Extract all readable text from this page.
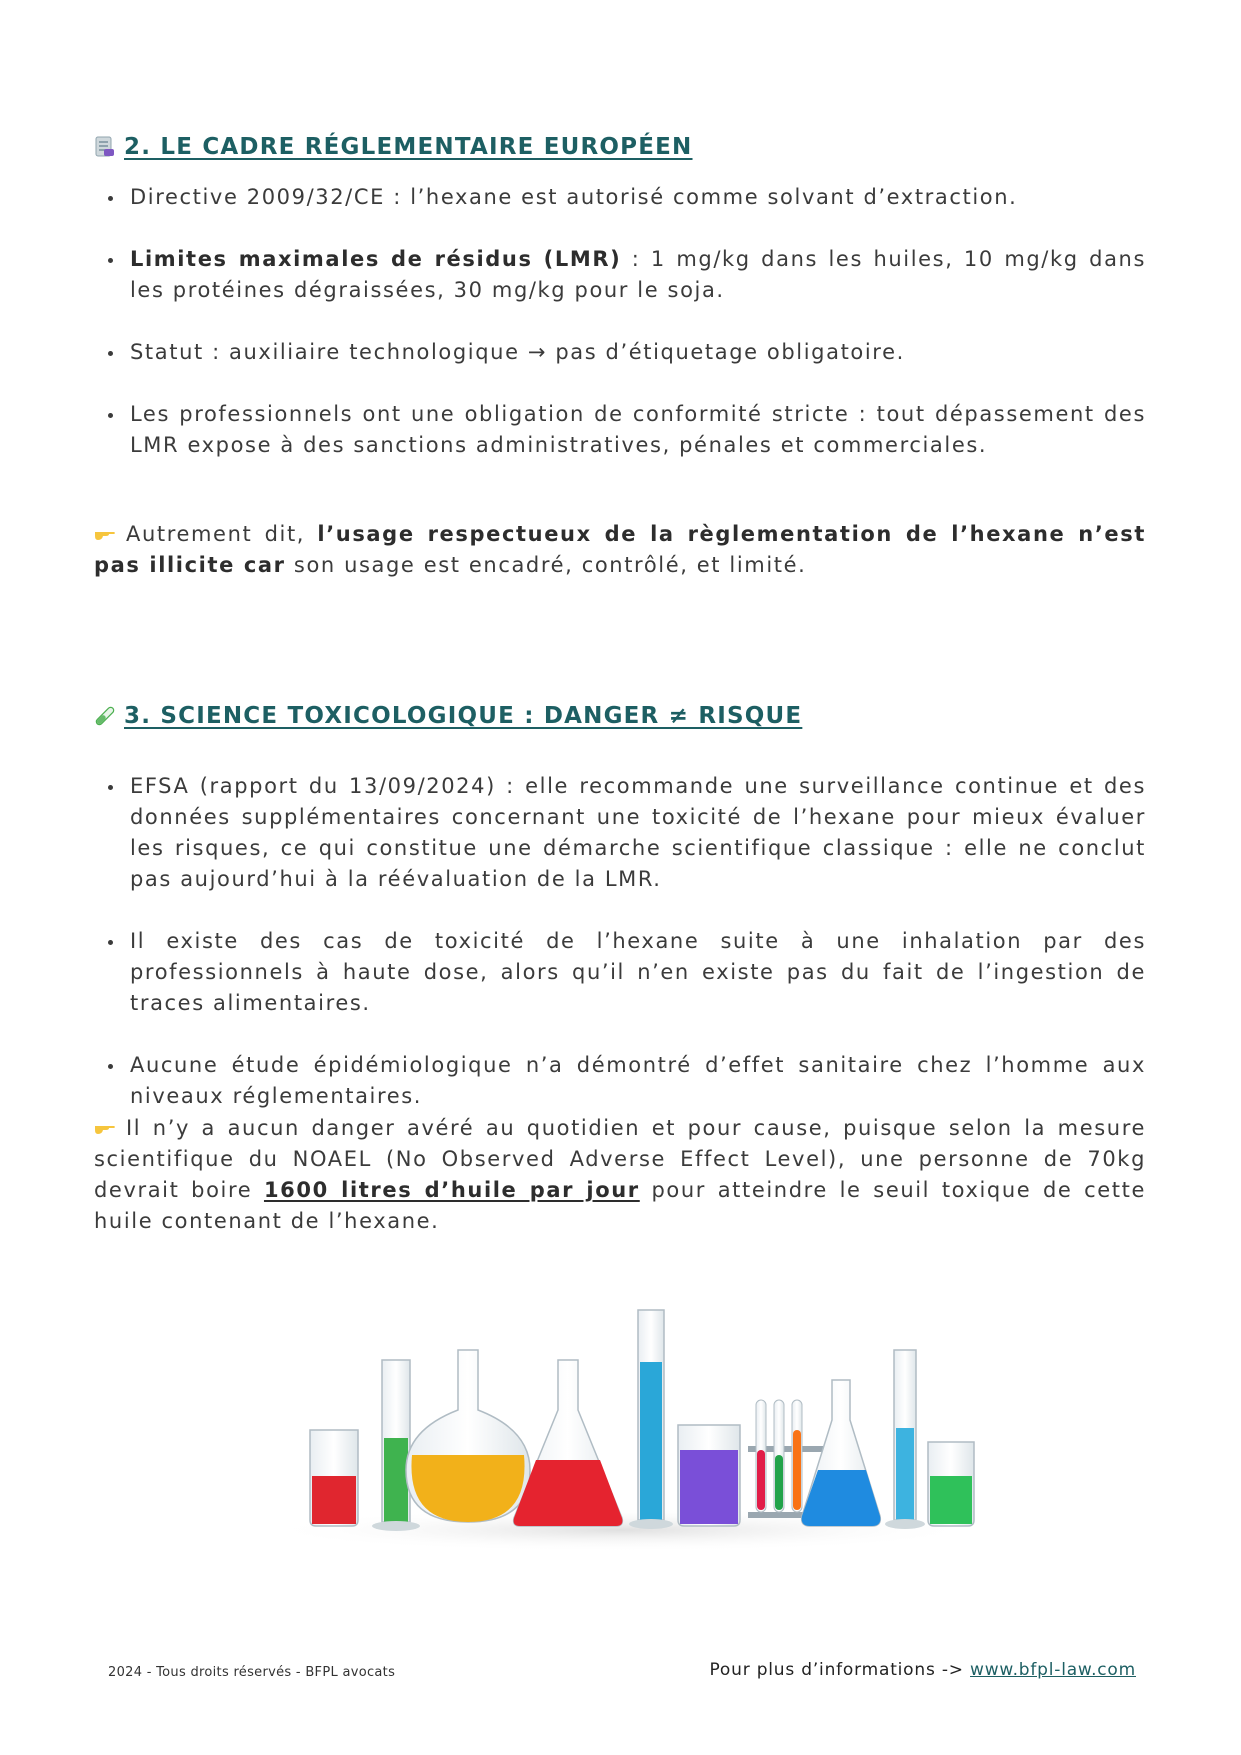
2. LE CADRE RÉGLEMENTAIRE EUROPÉEN
Directive 2009/32/CE : l’hexane est autorisé comme solvant d’extraction.
Limites maximales de résidus (LMR) : 1 mg/kg dans les huiles, 10 mg/kg dans les protéines dégraissées, 30 mg/kg pour le soja.
Statut : auxiliaire technologique → pas d’étiquetage obligatoire.
Les professionnels ont une obligation de conformité stricte : tout dépassement des LMR expose à des sanctions administratives, pénales et commerciales.
Autrement dit, l’usage respectueux de la règlementation de l’hexane n’est pas illicite car son usage est encadré, contrôlé, et limité.
3. SCIENCE TOXICOLOGIQUE : DANGER ≠ RISQUE
EFSA (rapport du 13/09/2024) : elle recommande une surveillance continue et des données supplémentaires concernant une toxicité de l’hexane pour mieux évaluer les risques, ce qui constitue une démarche scientifique classique : elle ne conclut pas aujourd’hui à la réévaluation de la LMR.
Il existe des cas de toxicité de l’hexane suite à une inhalation par des professionnels à haute dose, alors qu’il n’en existe pas du fait de l’ingestion de traces alimentaires.
Aucune étude épidémiologique n’a démontré d’effet sanitaire chez l’homme aux niveaux réglementaires.
Il n’y a aucun danger avéré au quotidien et pour cause, puisque selon la mesure scientifique du NOAEL (No Observed Adverse Effect Level), une personne de 70kg devrait boire 1600 litres d’huile par jour pour atteindre le seuil toxique de cette huile contenant de l’hexane.
2024 - Tous droits réservés - BFPL avocats	Pour plus d’informations -> www.bfpl-law.com
